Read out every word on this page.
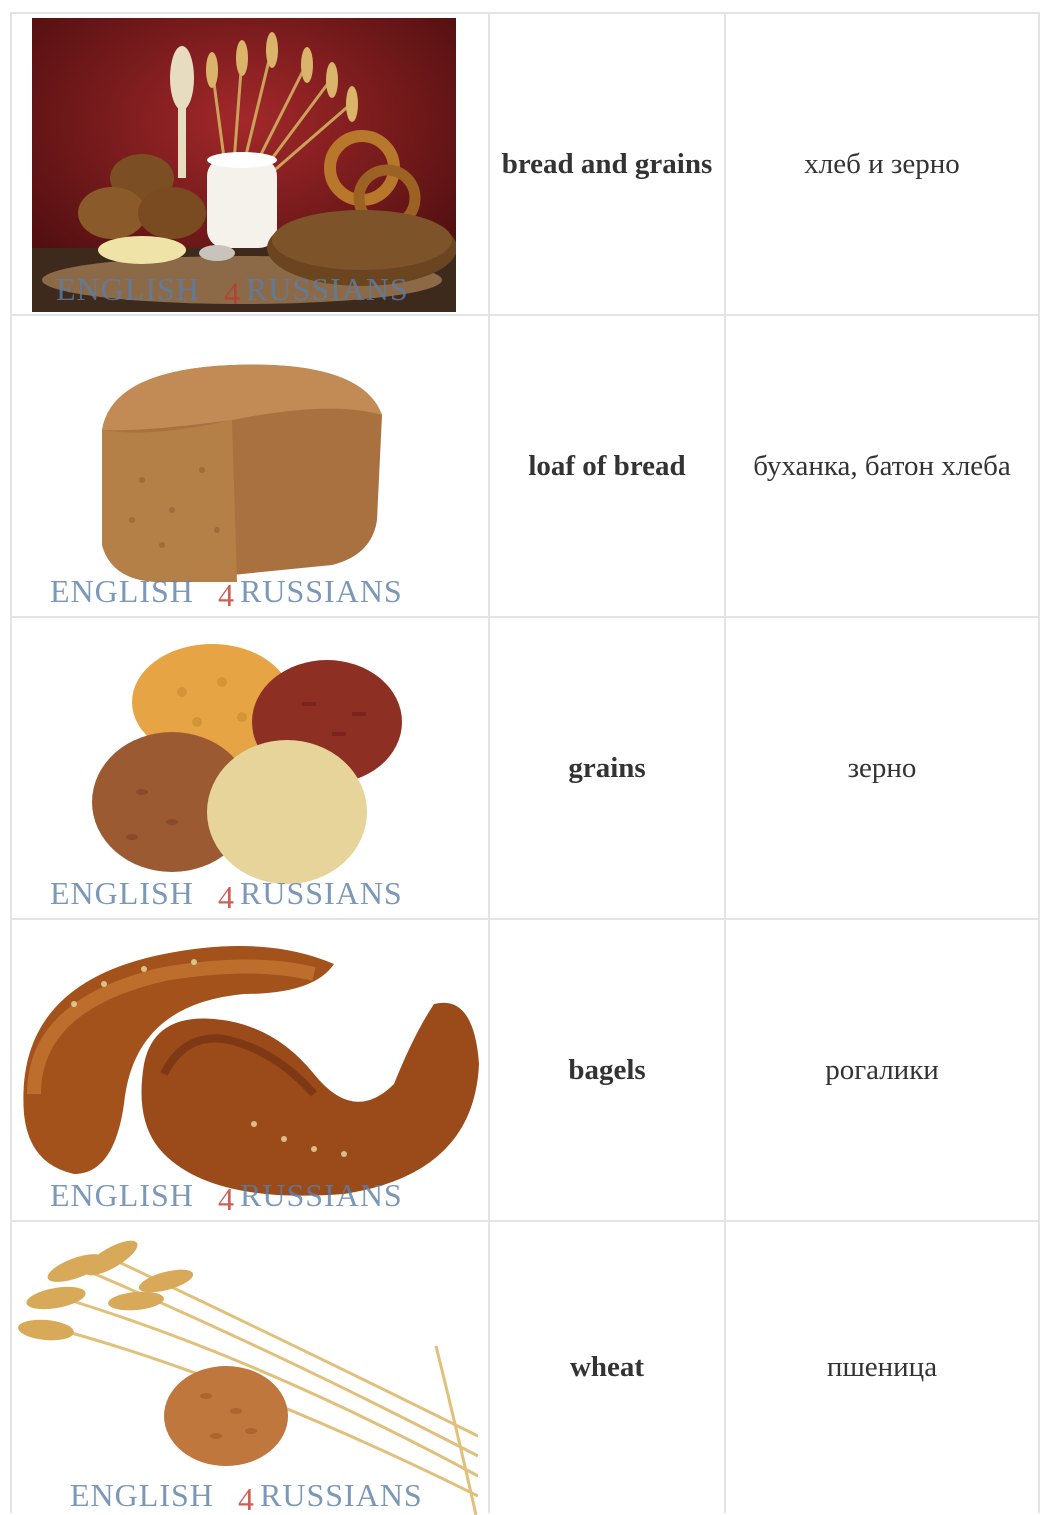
ENGLISH 4 RUSSIANS
bread and grains	хлеб и зерно
ENGLISH 4 RUSSIANS
loaf of bread	буханка, батон хлеба
ENGLISH 4 RUSSIANS
grains	зерно
ENGLISH 4 RUSSIANS
bagels	рогалики
ENGLISH 4 RUSSIANS
wheat	пшеница
